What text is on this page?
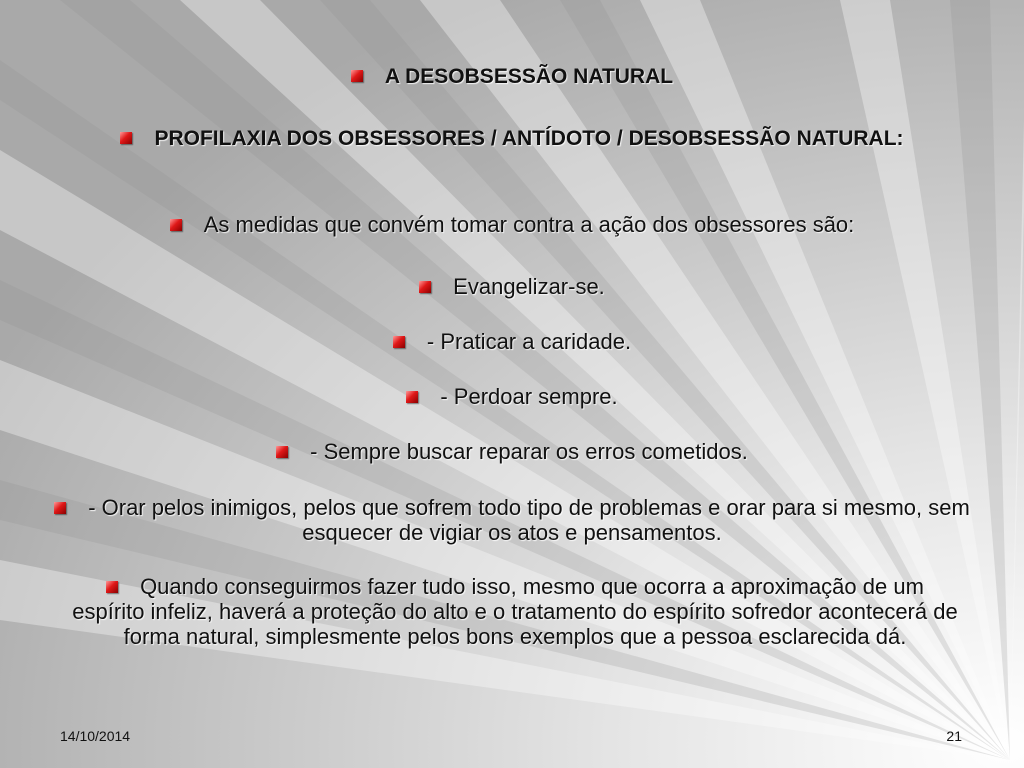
A DESOBSESSÃO NATURAL
PROFILAXIA DOS OBSESSORES / ANTÍDOTO / DESOBSESSÃO NATURAL:
As medidas que convém tomar contra a ação dos obsessores são:
Evangelizar-se.
- Praticar a caridade.
- Perdoar sempre.
- Sempre buscar reparar os erros cometidos.
- Orar pelos inimigos, pelos que sofrem todo tipo de problemas e orar para si mesmo, sem esquecer de vigiar os atos e pensamentos.
Quando conseguirmos fazer tudo isso, mesmo que ocorra a aproximação de um espírito infeliz, haverá a proteção do alto e o tratamento do espírito sofredor acontecerá de forma natural, simplesmente pelos bons exemplos que a pessoa esclarecida dá.
14/10/2014	21
